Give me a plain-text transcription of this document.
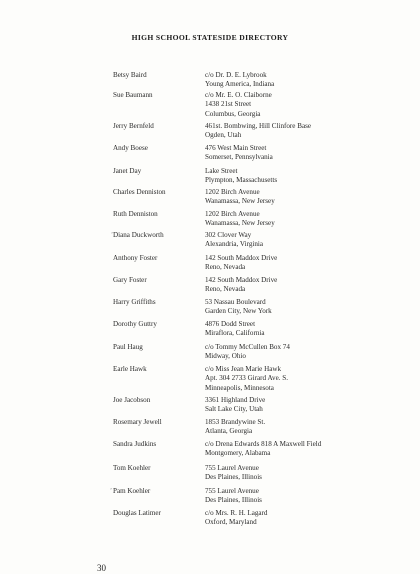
HIGH SCHOOL STATESIDE DIRECTORY
Betsy Baird	c/o Dr. D. E. Lybrook
Young America, Indiana
Sue Baumann	c/o Mr. E. O. Claiborne
1438 21st Street
Columbus, Georgia
Jerry Bernfeld	461st. Bombwing, Hill Clinfore Base
Ogden, Utah
Andy Boese	476 West Main Street
Somerset, Pennsylvania
Janet Day	Lake Street
Plympton, Massachusetts
Charles Denniston	1202 Birch Avenue
Wanamassa, New Jersey
Ruth Denniston	1202 Birch Avenue
Wanamassa, New Jersey
ʼ Diana Duckworth	302 Clover Way
Alexandria, Virginia
Anthony Foster	142 South Maddox Drive
Reno, Nevada
Gary Foster	142 South Maddox Drive
Reno, Nevada
Harry Griffiths	53 Nassau Boulevard
Garden City, New York
Dorothy Guttry	4876 Dodd Street
Miraflora, California
Paul Haug	c/o Tommy McCullen Box 74
Midway, Ohio
Earle Hawk	c/o Miss Jean Marie Hawk
Apt. 304 2733 Girard Ave. S.
Minneapolis, Minnesota
Joe Jacobson	3361 Highland Drive
Salt Lake City, Utah
Rosemary Jewell	1853 Brandywine St.
Atlanta, Georgia
Sandra Judkins	c/o Drena Edwards 818 A Maxwell Field
Montgomery, Alabama
Tom Koehler	755 Laurel Avenue
Des Plaines, Illinois
ʼ Pam Koehler	755 Laurel Avenue
Des Plaines, Illinois
Douglas Latimer	c/o Mrs. R. H. Lagard
Oxford, Maryland
30
